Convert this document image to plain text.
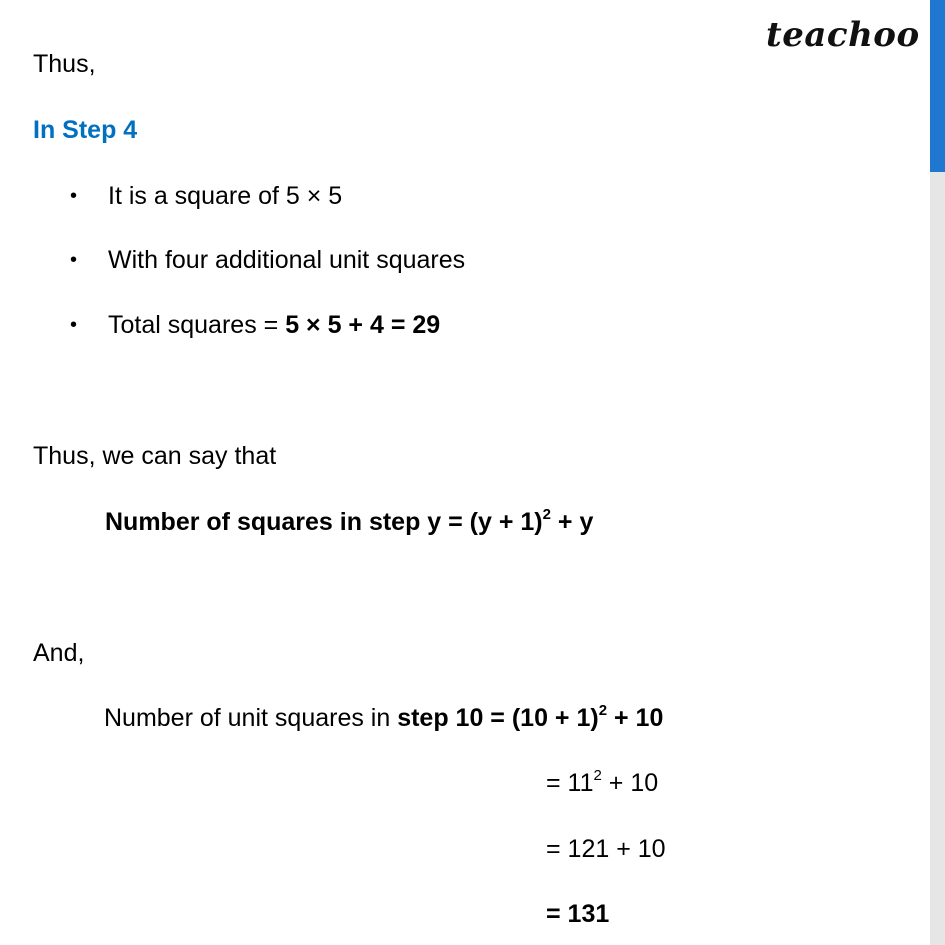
teachoo
Thus,
In Step 4
• It is a square of 5 × 5
• With four additional unit squares
• Total squares = 5 × 5 + 4 = 29
Thus, we can say that
Number of squares in step $y = (y + 1)^2 + y$
And,
Number of unit squares in step $10 = (10 + 1)^2 + 10$
= $11^2 + 10$
= 121 + 10
= 131
